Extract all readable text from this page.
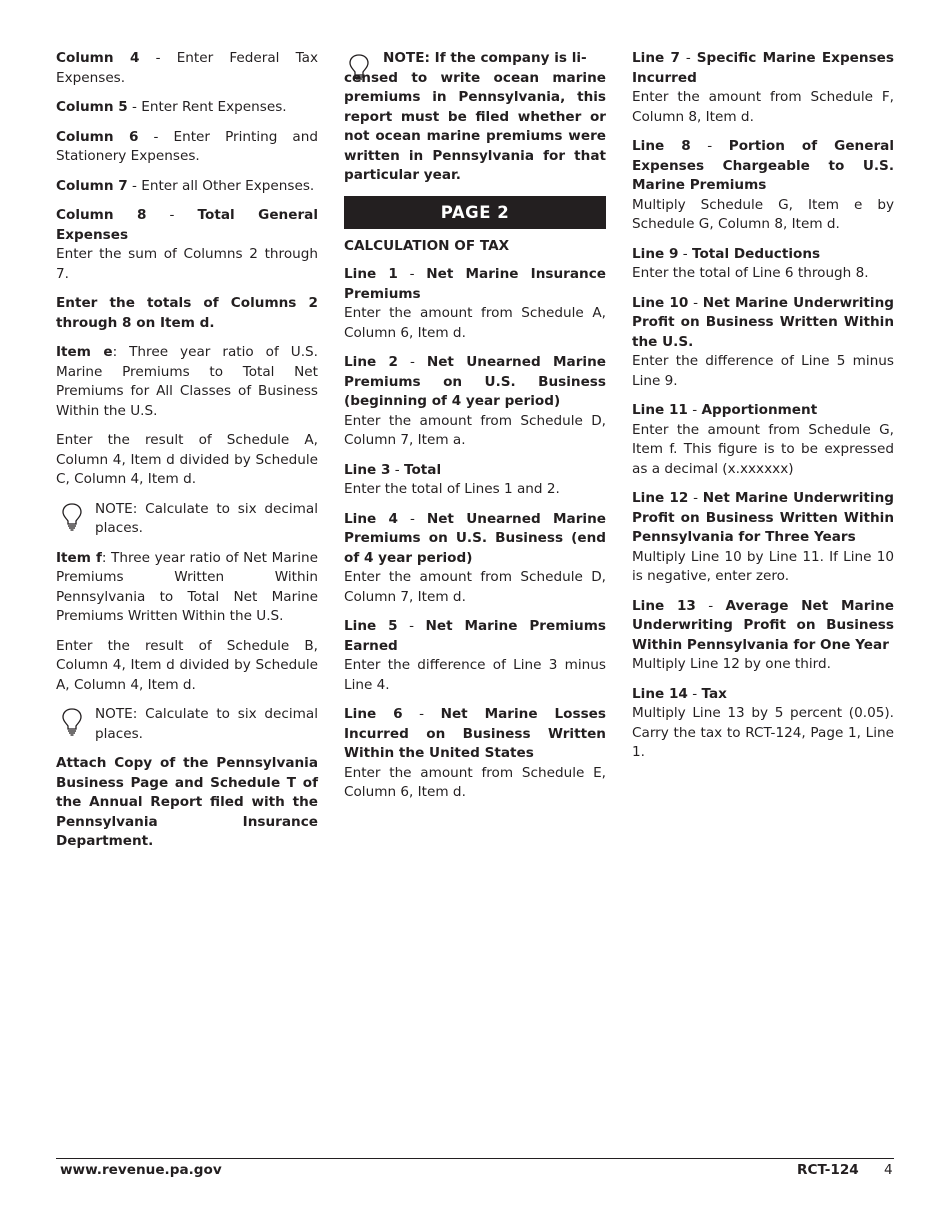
Column 4 - Enter Federal Tax Expenses.

Column 5 - Enter Rent Expenses.

Column 6 - Enter Printing and Stationery Expenses.

Column 7 - Enter all Other Expenses.

Column 8 - Total General Expenses
Enter the sum of Columns 2 through 7.

Enter the totals of Columns 2 through 8 on Item d.

Item e: Three year ratio of U.S. Marine Premiums to Total Net Premiums for All Classes of Business Within the U.S.

Enter the result of Schedule A, Column 4, Item d divided by Schedule C, Column 4, Item d.

NOTE: Calculate to six decimal places.

Item f: Three year ratio of Net Marine Premiums Written Within Pennsylvania to Total Net Marine Premiums Written Within the U.S.

Enter the result of Schedule B, Column 4, Item d divided by Schedule A, Column 4, Item d.

NOTE: Calculate to six decimal places.

Attach Copy of the Pennsylvania Business Page and Schedule T of the Annual Report filed with the Pennsylvania Insurance Department.

NOTE: If the company is li-
censed to write ocean marine premiums in Pennsylvania, this report must be filed whether or not ocean marine premiums were written in Pennsylvania for that particular year.
PAGE 2

CALCULATION OF TAX

Line 1 - Net Marine Insurance Premiums
Enter the amount from Schedule A, Column 6, Item d.

Line 2 - Net Unearned Marine Premiums on U.S. Business (beginning of 4 year period)
Enter the amount from Schedule D, Column 7, Item a.

Line 3 - Total
Enter the total of Lines 1 and 2.

Line 4 - Net Unearned Marine Premiums on U.S. Business (end of 4 year period)
Enter the amount from Schedule D, Column 7, Item d.

Line 5 - Net Marine Premiums Earned
Enter the difference of Line 3 minus Line 4.

Line 6 - Net Marine Losses Incurred on Business Written Within the United States
Enter the amount from Schedule E, Column 6, Item d.

Line 7 - Specific Marine Expenses Incurred
Enter the amount from Schedule F, Column 8, Item d.

Line 8 - Portion of General Expenses Chargeable to U.S. Marine Premiums
Multiply Schedule G, Item e by Schedule G, Column 8, Item d.

Line 9 - Total Deductions
Enter the total of Line 6 through 8.

Line 10 - Net Marine Underwriting Profit on Business Written Within the U.S.
Enter the difference of Line 5 minus Line 9.

Line 11 - Apportionment
Enter the amount from Schedule G, Item f. This figure is to be expressed as a decimal (x.xxxxxx)

Line 12 - Net Marine Underwriting Profit on Business Written Within Pennsylvania for Three Years
Multiply Line 10 by Line 11. If Line 10 is negative, enter zero.

Line 13 - Average Net Marine Underwriting Profit on Business Within Pennsylvania for One Year
Multiply Line 12 by one third.

Line 14 - Tax
Multiply Line 13 by 5 percent (0.05). Carry the tax to RCT-124, Page 1, Line 1.

www.revenue.pa.gov	RCT-124 4
